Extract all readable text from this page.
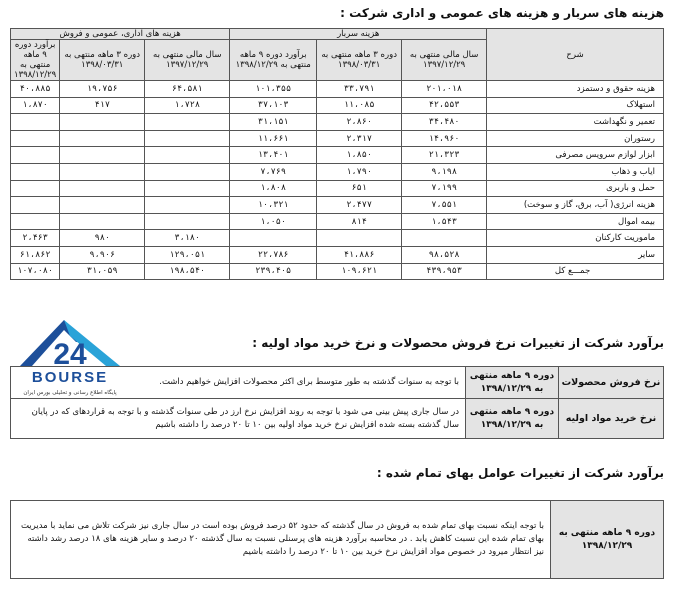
هزینه های سربار و هزینه های عمومی و اداری شرکت :
شرح	هزینه سربار			هزینه های اداری، عمومی و فروش		
	سال مالی منتهی به ۱۳۹۷/۱۲/۲۹	دوره ۳ ماهه منتهی به ۱۳۹۸/۰۳/۳۱	برآورد دوره ۹ ماهه منتهی به ۱۳۹۸/۱۲/۲۹	سال مالی منتهی به ۱۳۹۷/۱۲/۲۹	دوره ۳ ماهه منتهی به ۱۳۹۸/۰۳/۳۱	برآورد دوره ۹ ماهه منتهی به ۱۳۹۸/۱۲/۲۹
هزینه حقوق و دستمزد	۲۰۱،۰۱۸	۳۳،۷۹۱	۱۰۱،۳۵۵	۶۴،۵۸۱	۱۹،۷۵۶	۴۰،۸۸۵
استهلاک	۴۲،۵۵۳	۱۱،۰۸۵	۳۷،۱۰۳	۱،۷۲۸	۴۱۷	۱،۸۷۰
تعمیر و نگهداشت	۳۴،۴۸۰	۲،۸۶۰	۳۱،۱۵۱			
رستوران	۱۴،۹۶۰	۲،۳۱۷	۱۱،۶۶۱			
ابزار لوازم سرویس مصرفی	۲۱،۳۲۳	۱،۸۵۰	۱۳،۴۰۱			
ایاب و ذهاب	۹،۱۹۸	۱،۷۹۰	۷،۷۶۹			
حمل و باربری	۷،۱۹۹	۶۵۱	۱،۸۰۸			
هزینه انرژی( آب، برق، گاز و سوخت)	۷،۵۵۱	۲،۴۷۷	۱۰،۳۲۱			
بیمه اموال	۱،۵۴۳	۸۱۴	۱،۰۵۰			
ماموریت کارکنان				۳،۱۸۰	۹۸۰	۲،۴۶۳
سایر	۹۸،۵۲۸	۴۱،۸۸۶	۲۲،۷۸۶	۱۲۹،۰۵۱	۹،۹۰۶	۶۱،۸۶۲
جمـــع کل	۴۳۹،۹۵۳	۱۰۹،۶۲۱	۲۳۹،۴۰۵	۱۹۸،۵۴۰	۳۱،۰۵۹	۱۰۷،۰۸۰
24
BOURSE
پایگاه اطلاع رسانی و تحلیلی بورس ایران
برآورد شرکت از تغییرات نرخ فروش محصولات و نرخ خرید مواد اولیه :
نرخ فروش محصولات	دوره ۹ ماهه منتهی به ۱۳۹۸/۱۲/۲۹	با توجه به سنوات گذشته به طور متوسط برای اکثر محصولات افزایش خواهیم داشت.
نرخ خرید مواد اولیه	دوره ۹ ماهه منتهی به ۱۳۹۸/۱۲/۲۹	در سال جاری پیش بینی می شود با توجه به روند افزایش نرخ ارز در طی سنوات گذشته و با توجه به قراردهای که در پایان سال گذشته بسته شده افزایش نرخ خرید مواد اولیه بین ۱۰ تا ۲۰ درصد را داشته باشیم
برآورد شرکت از تغییرات عوامل بهای تمام شده :
دوره ۹ ماهه منتهی به ۱۳۹۸/۱۲/۲۹	با توجه اینکه نسبت بهای تمام شده به فروش در سال گذشته که حدود ۵۲ درصد فروش بوده است در سال جاری نیز شرکت تلاش می نماید با مدیریت بهای تمام شده این نسبت کاهش یابد . در محاسبه برآورد هزینه های پرسنلی نسبت به سال گذشته ۲۰ درصد و سایر هزینه های ۱۸ درصد رشد داشته نیز انتظار میرود در خصوص مواد افزایش نرخ خرید بین ۱۰ تا ۲۰ درصد را داشته باشیم
